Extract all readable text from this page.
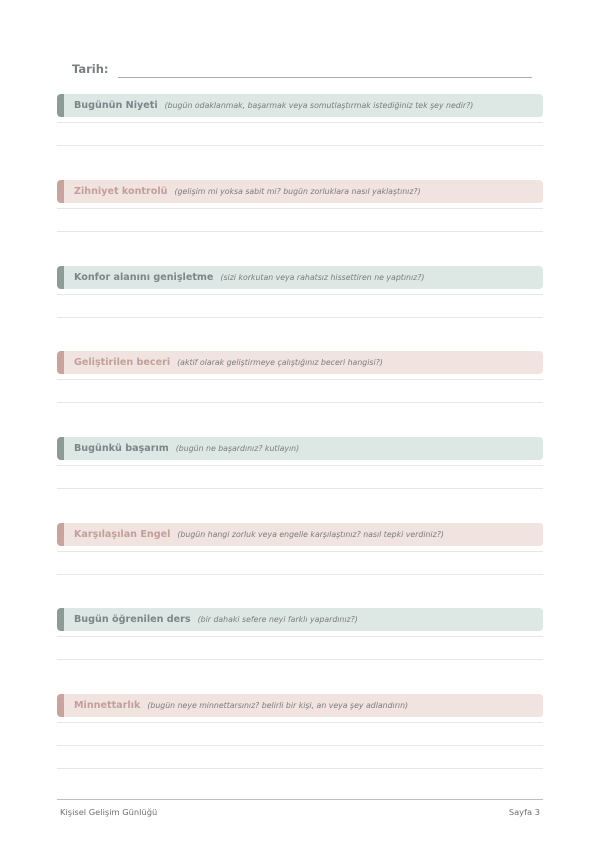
Tarih:
Bugünün Niyeti (bugün odaklanmak, başarmak veya somutlaştırmak istediğiniz tek şey nedir?)
Zihniyet kontrolü (gelişim mi yoksa sabit mi? bugün zorluklara nasıl yaklaştınız?)
Konfor alanını genişletme (sizi korkutan veya rahatsız hissettiren ne yaptınız?)
Geliştirilen beceri (aktif olarak geliştirmeye çalıştığınız beceri hangisi?)
Bugünkü başarım (bugün ne başardınız? kutlayın)
Karşılaşılan Engel (bugün hangi zorluk veya engelle karşılaştınız? nasıl tepki verdiniz?)
Bugün öğrenilen ders (bir dahaki sefere neyi farklı yapardınız?)
Minnettarlık (bugün neye minnettarsınız? belirli bir kişi, an veya şey adlandırın)
Kişisel Gelişim Günlüğü	Sayfa 3
